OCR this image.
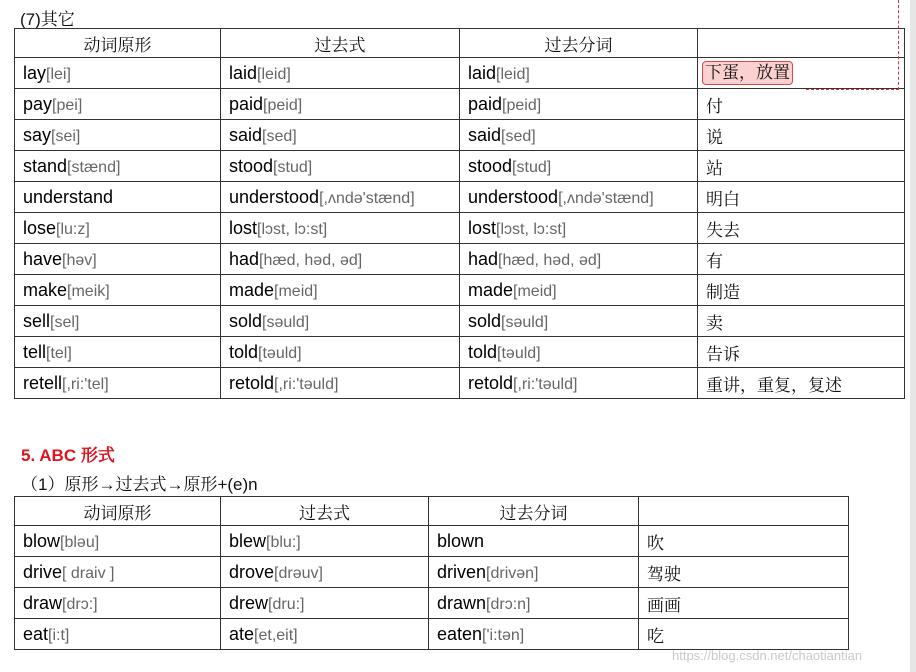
(7)其它
动词原形	过去式	过去分词	
lay[lei]	laid[leid]	laid[leid]	下蛋，放置
pay[pei]	paid[peid]	paid[peid]	付
say[sei]	said[sed]	said[sed]	说
stand[stænd]	stood[stud]	stood[stud]	站
understand	understood[,ʌndə'stænd]	understood[,ʌndə'stænd]	明白
lose[lu:z]	lost[lɔst, lɔ:st]	lost[lɔst, lɔ:st]	失去
have[həv]	had[hæd, həd, əd]	had[hæd, həd, əd]	有
make[meik]	made[meid]	made[meid]	制造
sell[sel]	sold[səuld]	sold[səuld]	卖
tell[tel]	told[təuld]	told[təuld]	告诉
retell[,ri:'tel]	retold[,ri:'təuld]	retold[,ri:'təuld]	重讲，重复，复述
5. ABC 形式
（1）原形→过去式→原形+(e)n
动词原形	过去式	过去分词	
blow[bləu]	blew[blu:]	blown	吹
drive[ draiv ]	drove[drəuv]	driven[drivən]	驾驶
draw[drɔ:]	drew[dru:]	drawn[drɔ:n]	画画
eat[i:t]	ate[et,eit]	eaten['i:tən]	吃
https://blog.csdn.net/chaotiantian
